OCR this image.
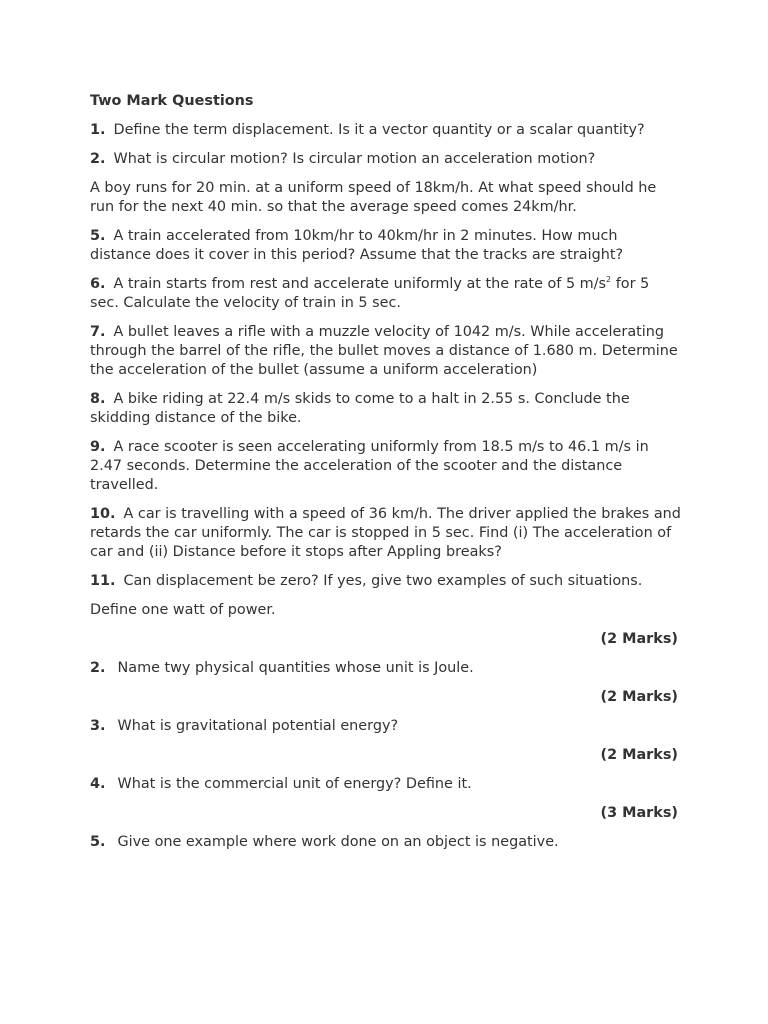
Two Mark Questions
1. Define the term displacement. Is it a vector quantity or a scalar quantity?
2. What is circular motion? Is circular motion an acceleration motion?
A boy runs for 20 min. at a uniform speed of 18km/h. At what speed should he run for the next 40 min. so that the average speed comes 24km/hr.
5. A train accelerated from 10km/hr to 40km/hr in 2 minutes. How much distance does it cover in this period? Assume that the tracks are straight?
6. A train starts from rest and accelerate uniformly at the rate of 5 $m/s^2$ for 5 sec. Calculate the velocity of train in 5 sec.
7. A bullet leaves a rifle with a muzzle velocity of 1042 m/s. While accelerating through the barrel of the rifle, the bullet moves a distance of 1.680 m. Determine the acceleration of the bullet (assume a uniform acceleration)
8. A bike riding at 22.4 m/s skids to come to a halt in 2.55 s. Conclude the skidding distance of the bike.
9. A race scooter is seen accelerating uniformly from 18.5 m/s to 46.1 m/s in 2.47 seconds. Determine the acceleration of the scooter and the distance travelled.
10. A car is travelling with a speed of 36 km/h. The driver applied the brakes and retards the car uniformly. The car is stopped in 5 sec. Find (i) The acceleration of car and (ii) Distance before it stops after Appling breaks?
11. Can displacement be zero? If yes, give two examples of such situations.
Define one watt of power.
(2 Marks)
2. Name twy physical quantities whose unit is Joule.
(2 Marks)
3. What is gravitational potential energy?
(2 Marks)
4. What is the commercial unit of energy? Define it.
(3 Marks)
5. Give one example where work done on an object is negative.
